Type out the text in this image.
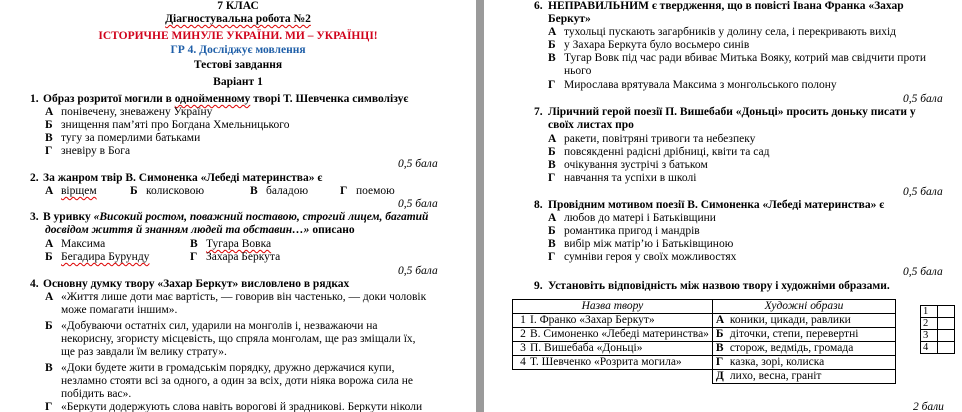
7 КЛАС
Діагностувальна робота №2
ІСТОРИЧНЕ МИНУЛЕ УКРАЇНИ. МИ – УКРАЇНЦІ!
ГР 4. Досліджує мовлення
Тестові завдання
Варіант 1
1. Образ розритої могили в однойменному творі Т. Шевченка символізує
А понівечену, зневажену Україну
Б знищення пам’яті про Богдана Хмельницького
В тугу за померлими батьками
Г зневіру в Бога
0,5 бала
2. За жанром твір В. Симоненка «Лебеді материнства» є
А вірщем	Б колисковою	В баладою	Г поемою
0,5 бала
3. В уривку «Високий ростом, поважний поставою, строгий лицем, багатий
досвідом життя й знанням людей та обставин…» описано
А Максима	В Тугара Вовка
Б Бегадира Бурунду	Г Захара Беркута
0,5 бала
4. Основну думку твору «Захар Беркут» висловлено в рядках
А «Життя лише доти має вартість, — говорив він частенько, — доки чоловік
може помагати іншим».
Б «Добуваючи остатніх сил, ударили на монголів і, незважаючи на
некорисну, згористу місцевість, що спряла монголам, ще раз зміщали їх,
ще раз завдали їм велику страту».
В «Доки будете жити в громадськім порядку, дружно держачися купи,
незламно стояти всі за одного, а один за всіх, доти ніяка ворожа сила не
побідить вас».
Г «Беркути додержують слова навіть ворогові й зрадникові. Беркути ніколи
6. НЕПРАВИЛЬНИМ є твердження, що в повісті Івана Франка «Захар
Беркут»
А тухольці пускають загарбників у долину села, і перекривають вихід
Б у Захара Беркута було восьмеро синів
В Тугар Вовк під час ради вбиває Митька Вояку, котрий мав свідчити проти
нього
Г Мирослава врятувала Максима з монгольського полону
0,5 бала
7. Ліричний герой поезії П. Вишебаби «Доньці» просить доньку писати у
своїх листах про
А ракети, повітряні тривоги та небезпеку
Б повсякденні радісні дрібниці, квіти та сад
В очікування зустрічі з батьком
Г навчання та успіхи в школі
0,5 бала
8. Провідним мотивом поезії В. Симоненка «Лебеді материнства» є
А любов до матері і Батьківщини
Б романтика пригод і мандрів
В вибір між матір’ю і Батьківщиною
Г сумніви героя у своїх можливостях
0,5 бала
9. Установіть відповідність між назвою твору і художніми образами.
Назва твору	Художні образи
1 І. Франко «Захар Беркут»	А коники, цикади, равлики
2 В. Симоненко «Лебеді материнства»	Б діточки, степи, перевертні
3 П. Вишебаба «Доньці»	В сторож, ведмідь, громада
4 Т. Шевченко «Розрита могила»	Г казка, зорі, колиска
	Д лихо, весна, граніт
1	
2	
3	
4	
2 бали
